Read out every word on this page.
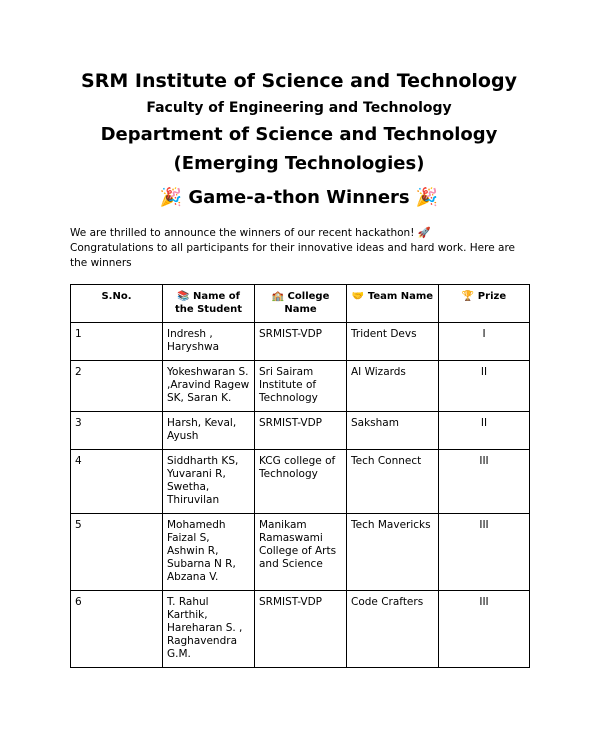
SRM Institute of Science and Technology
Faculty of Engineering and Technology
Department of Science and Technology
(Emerging Technologies)
🎉 Game-a-thon Winners 🎉
We are thrilled to announce the winners of our recent hackathon! 🚀
Congratulations to all participants for their innovative ideas and hard work. Here are the winners
S.No.	📚 Name of the Student	🏫 College Name	🤝 Team Name	🏆 Prize
1	Indresh , Haryshwa	SRMIST-VDP	Trident Devs	I
2	Yokeshwaran S. ,Aravind Ragew SK, Saran K.	Sri Sairam Institute of Technology	AI Wizards	II
3	Harsh, Keval, Ayush	SRMIST-VDP	Saksham	II
4	Siddharth KS, Yuvarani R, Swetha, Thiruvilan	KCG college of Technology	Tech Connect	III
5	Mohamedh Faizal S, Ashwin R, Subarna N R, Abzana V.	Manikam Ramaswami College of Arts and Science	Tech Mavericks	III
6	T. Rahul Karthik, Hareharan S. , Raghavendra G.M.	SRMIST-VDP	Code Crafters	III
